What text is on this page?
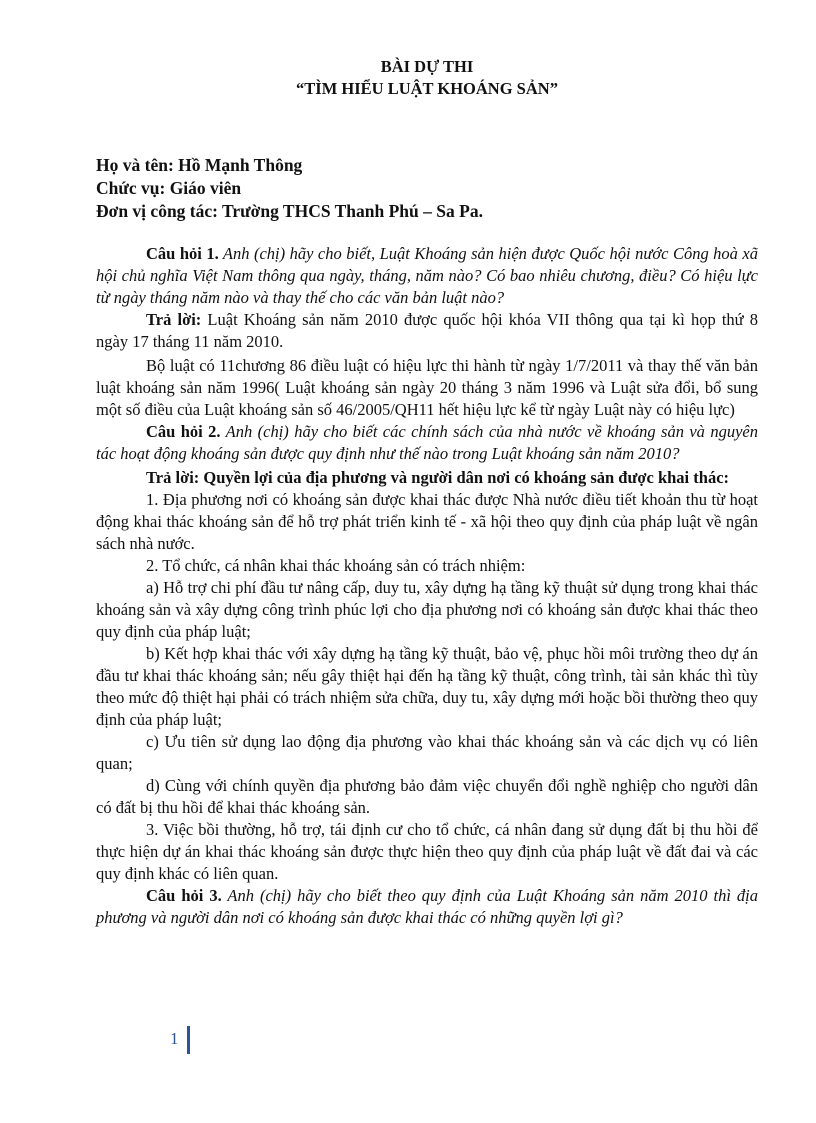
BÀI DỰ THI

“TÌM HIỂU LUẬT KHOÁNG SẢN”

Họ và tên: Hồ Mạnh Thông

Chức vụ: Giáo viên

Đơn vị công tác: Trường THCS Thanh Phú – Sa Pa.

Câu hỏi 1. Anh (chị) hãy cho biết, Luật Khoáng sản hiện được Quốc hội nước Công hoà xã hội chủ nghĩa Việt Nam thông qua ngày, tháng, năm nào? Có bao nhiêu chương, điều? Có hiệu lực từ ngày tháng năm nào và thay thế cho các văn bản luật nào?

Trả lời: Luật Khoáng sản năm 2010 được quốc hội khóa VII thông qua tại kì họp thứ 8 ngày 17 tháng 11 năm 2010.

Bộ luật có 11chương 86 điều luật có hiệu lực thi hành từ ngày 1/7/2011 và thay thế văn bản luật khoáng sản năm 1996( Luật khoáng sản ngày 20 tháng 3 năm 1996 và Luật sửa đổi, bổ sung một số điều của Luật khoáng sản số 46/2005/QH11 hết hiệu lực kể từ ngày Luật này có hiệu lực)

Câu hỏi 2. Anh (chị) hãy cho biết các chính sách của nhà nước về khoáng sản và nguyên tác hoạt động khoáng sản được quy định như thế nào trong Luật khoáng sản năm 2010?

Trả lời: Quyền lợi của địa phương và người dân nơi có khoáng sản được khai thác:

1. Địa phương nơi có khoáng sản được khai thác được Nhà nước điều tiết khoản thu từ hoạt động khai thác khoáng sản để hỗ trợ phát triển kinh tế - xã hội theo quy định của pháp luật về ngân sách nhà nước.

2. Tổ chức, cá nhân khai thác khoáng sản có trách nhiệm:

a) Hỗ trợ chi phí đầu tư nâng cấp, duy tu, xây dựng hạ tầng kỹ thuật sử dụng trong khai thác khoáng sản và xây dựng công trình phúc lợi cho địa phương nơi có khoáng sản được khai thác theo quy định của pháp luật;

b) Kết hợp khai thác với xây dựng hạ tầng kỹ thuật, bảo vệ, phục hồi môi trường theo dự án đầu tư khai thác khoáng sản; nếu gây thiệt hại đến hạ tầng kỹ thuật, công trình, tài sản khác thì tùy theo mức độ thiệt hại phải có trách nhiệm sửa chữa, duy tu, xây dựng mới hoặc bồi thường theo quy định của pháp luật;

c) Ưu tiên sử dụng lao động địa phương vào khai thác khoáng sản và các dịch vụ có liên quan;

d) Cùng với chính quyền địa phương bảo đảm việc chuyển đổi nghề nghiệp cho người dân có đất bị thu hồi để khai thác khoáng sản.

3. Việc bồi thường, hỗ trợ, tái định cư cho tổ chức, cá nhân đang sử dụng đất bị thu hồi để thực hiện dự án khai thác khoáng sản được thực hiện theo quy định của pháp luật về đất đai và các quy định khác có liên quan.

Câu hỏi 3. Anh (chị) hãy cho biết theo quy định của Luật Khoáng sản năm 2010 thì địa phương và người dân nơi có khoáng sản được khai thác có những quyền lợi gì?

1
